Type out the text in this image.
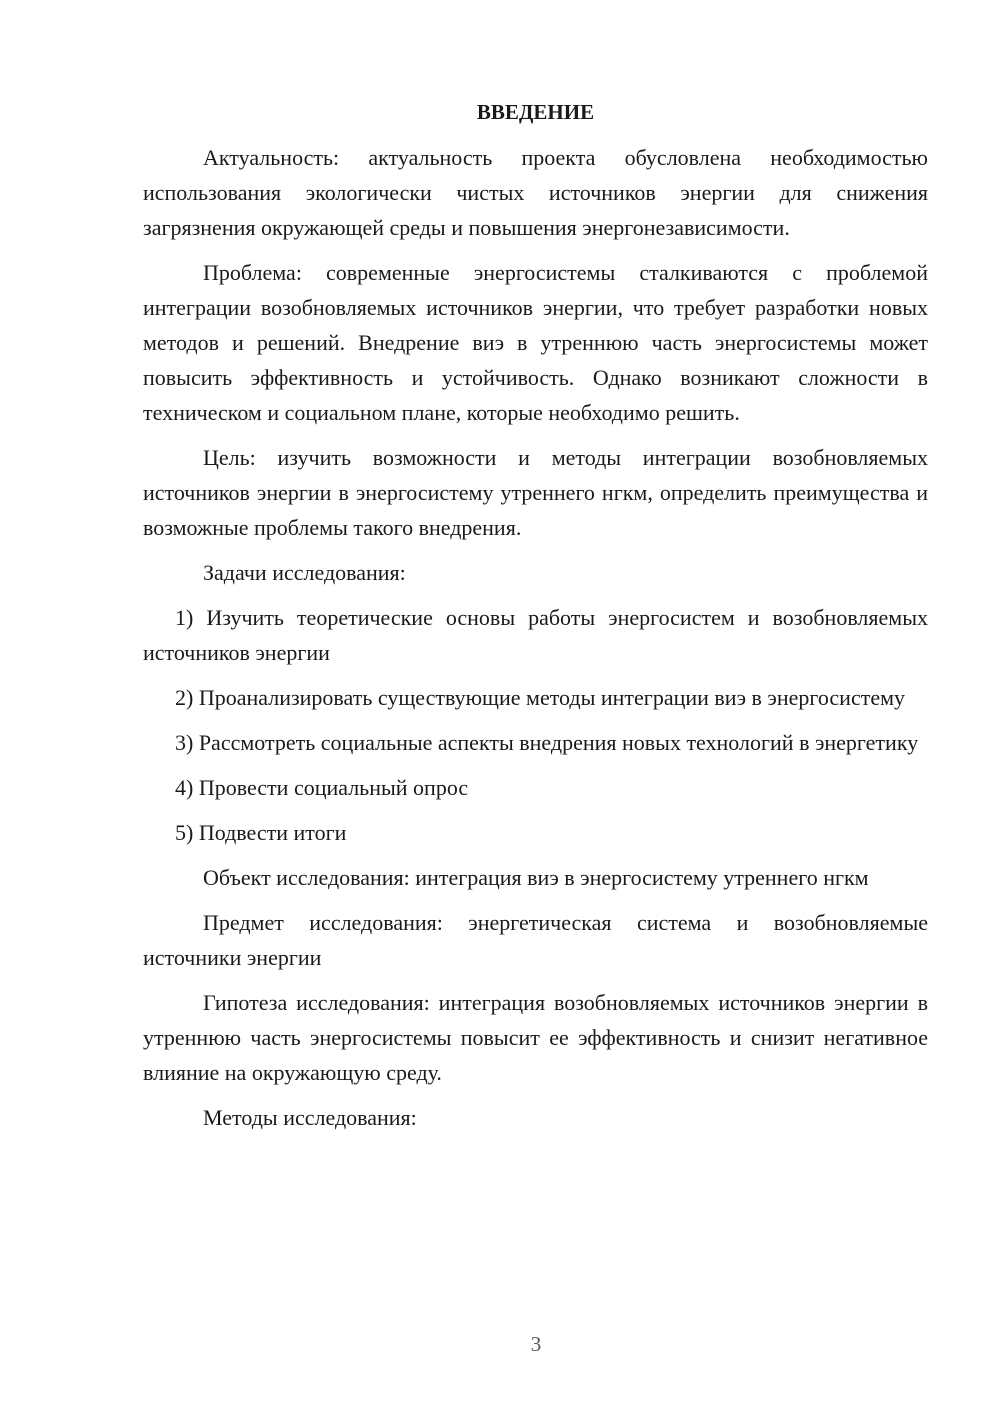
ВВЕДЕНИЕ

Актуальность: актуальность проекта обусловлена необходимостью использования экологически чистых источников энергии для снижения загрязнения окружающей среды и повышения энергонезависимости.

Проблема: современные энергосистемы сталкиваются с проблемой интеграции возобновляемых источников энергии, что требует разработки новых методов и решений. Внедрение виэ в утреннюю часть энергосистемы может повысить эффективность и устойчивость. Однако возникают сложности в техническом и социальном плане, которые необходимо решить.

Цель: изучить возможности и методы интеграции возобновляемых источников энергии в энергосистему утреннего нгкм, определить преимущества и возможные проблемы такого внедрения.

Задачи исследования:

1) Изучить теоретические основы работы энергосистем и возобновляемых источников энергии

2) Проанализировать существующие методы интеграции виэ в энергосистему

3) Рассмотреть социальные аспекты внедрения новых технологий в энергетику

4) Провести социальный опрос

5) Подвести итоги

Объект исследования: интеграция виэ в энергосистему утреннего нгкм

Предмет исследования: энергетическая система и возобновляемые источники энергии

Гипотеза исследования: интеграция возобновляемых источников энергии в утреннюю часть энергосистемы повысит ее эффективность и снизит негативное влияние на окружающую среду.

Методы исследования:

3
